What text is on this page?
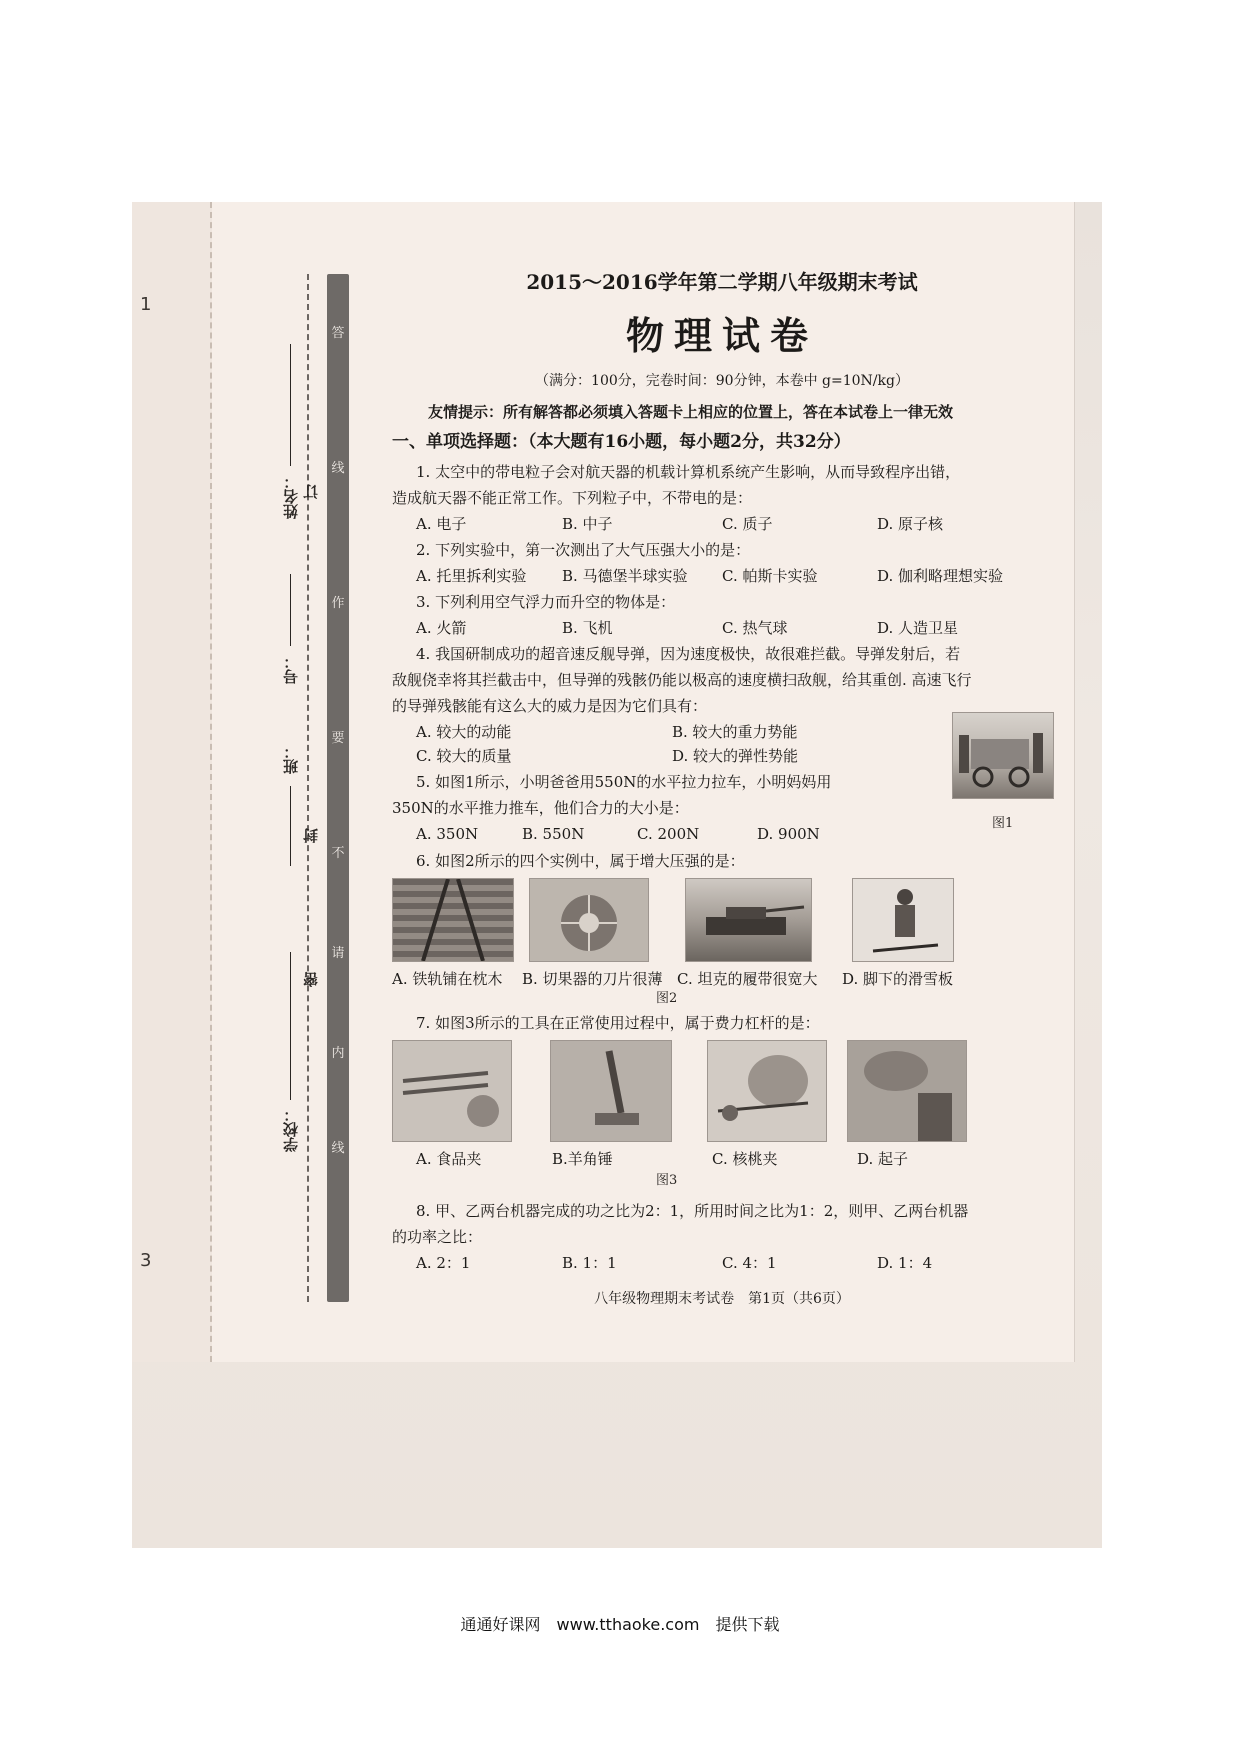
1
3
答
线
作
要
不
请
内
线
姓名：
号：
班：
学校：
订
封
密
2015～2016学年第二学期八年级期末考试
物理试卷
（满分：100分，完卷时间：90分钟，本卷中 g=10N/kg）
友情提示：所有解答都必须填入答题卡上相应的位置上，答在本试卷上一律无效
一、单项选择题：（本大题有16小题，每小题2分，共32分）
1. 太空中的带电粒子会对航天器的机载计算机系统产生影响，从而导致程序出错，
造成航天器不能正常工作。下列粒子中，不带电的是：
A. 电子	B. 中子	C. 质子	D. 原子核
2. 下列实验中，第一次测出了大气压强大小的是：
A. 托里拆利实验 B. 马德堡半球实验 C. 帕斯卡实验	D. 伽利略理想实验
3. 下列利用空气浮力而升空的物体是：
A. 火箭	B. 飞机	C. 热气球	D. 人造卫星
4. 我国研制成功的超音速反舰导弹，因为速度极快，故很难拦截。导弹发射后，若
敌舰侥幸将其拦截击中，但导弹的残骸仍能以极高的速度横扫敌舰，给其重创. 高速飞行
的导弹残骸能有这么大的威力是因为它们具有：
A. 较大的动能	B. 较大的重力势能
C. 较大的质量	D. 较大的弹性势能
图1
5. 如图1所示，小明爸爸用550N的水平拉力拉车，小明妈妈用
350N的水平推力推车，他们合力的大小是：
A. 350N	B. 550N	C. 200N	D. 900N
6. 如图2所示的四个实例中，属于增大压强的是：
A. 铁轨铺在枕木 B. 切果器的刀片很薄 C. 坦克的履带很宽大 D. 脚下的滑雪板
图2
7. 如图3所示的工具在正常使用过程中，属于费力杠杆的是：
A. 食品夹	B.羊角锤	C. 核桃夹	D. 起子
图3
8. 甲、乙两台机器完成的功之比为2：1，所用时间之比为1：2，则甲、乙两台机器
的功率之比：
A. 2：1	B. 1：1	C. 4：1	D. 1：4
八年级物理期末考试卷　第1页（共6页）
通通好课网　www.tthaoke.com　提供下载
